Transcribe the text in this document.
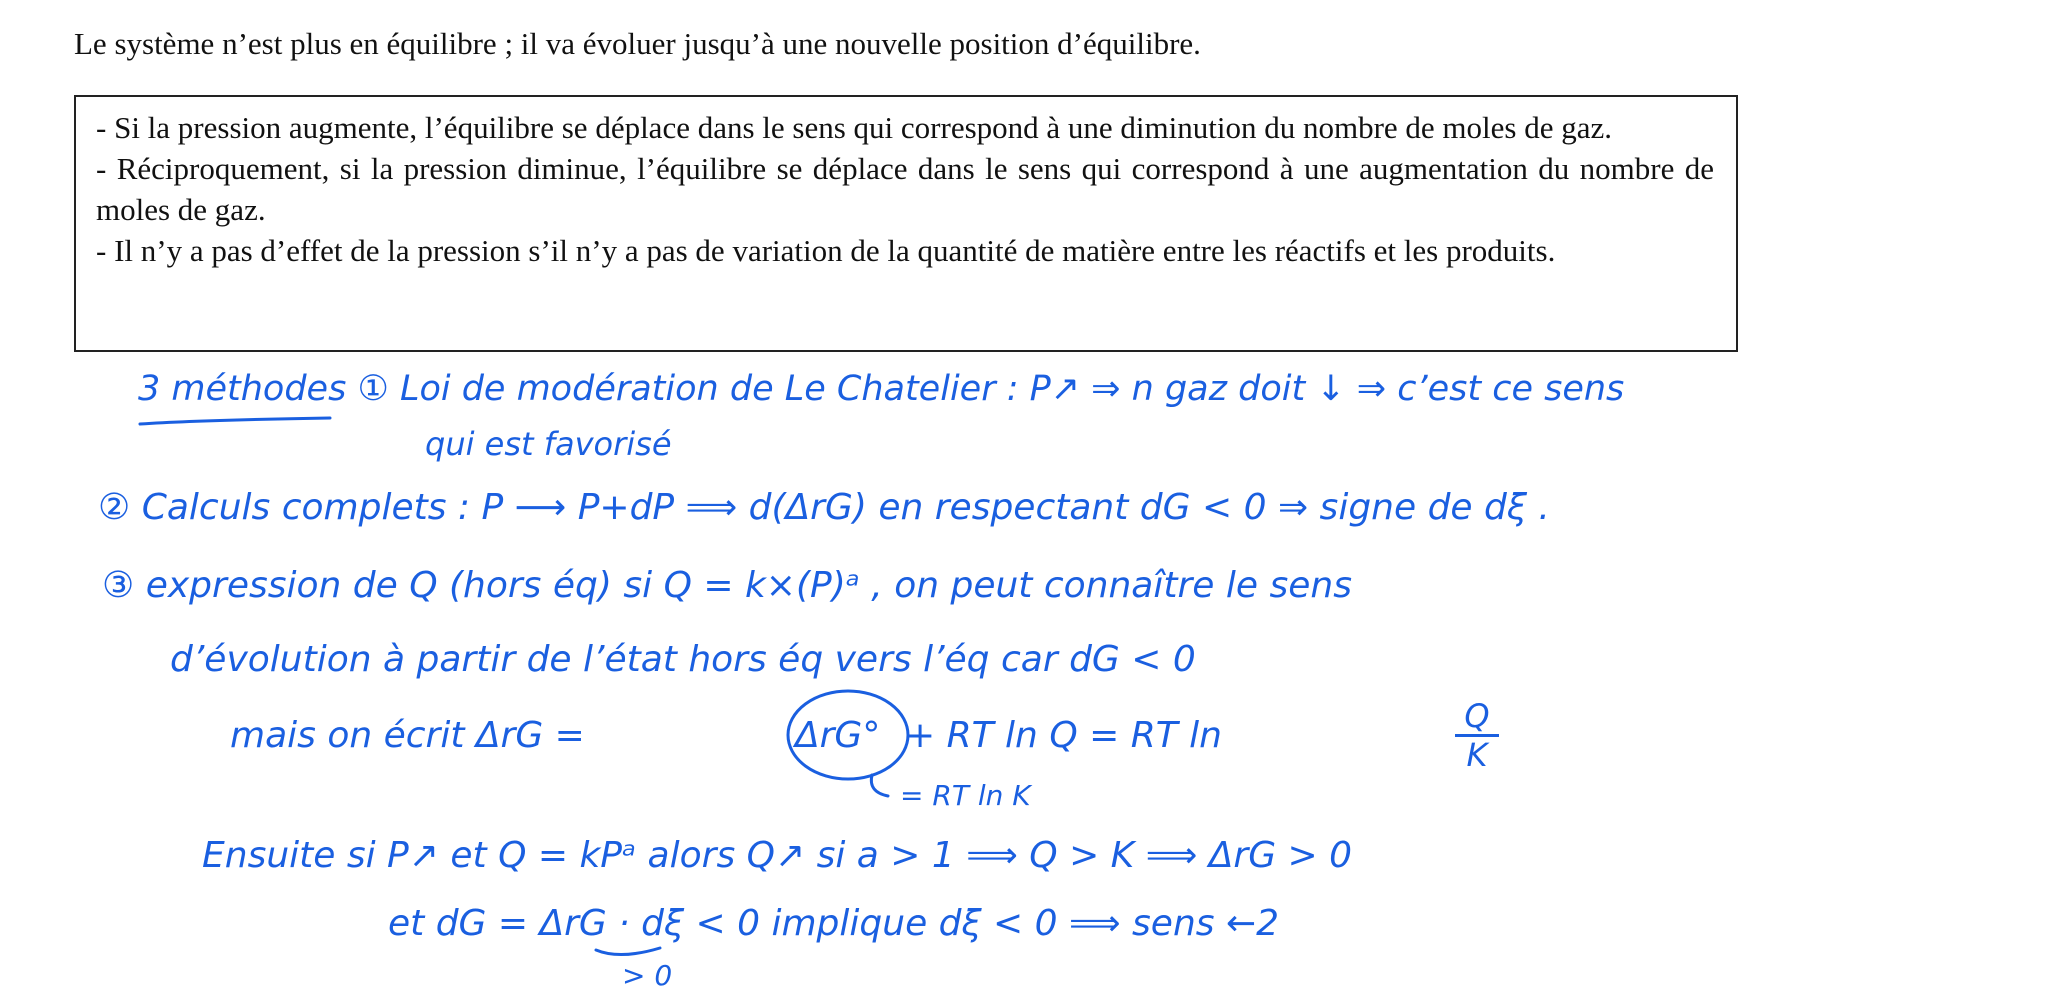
Le système n’est plus en équilibre ; il va évoluer jusqu’à une nouvelle position d’équilibre.

- Si la pression augmente, l’équilibre se déplace dans le sens qui correspond à une diminution du nombre de moles de gaz.

- Réciproquement, si la pression diminue, l’équilibre se déplace dans le sens qui correspond à une augmentation du nombre de moles de gaz.

- Il n’y a pas d’effet de la pression s’il n’y a pas de variation de la quantité de matière entre les réactifs et les produits.

3 méthodes ① Loi de modération de Le Chatelier : P↗ ⇒ n gaz doit ↓ ⇒ c’est ce sens
qui est favorisé
② Calculs complets : P ⟶ P+dP ⟹ d(ΔrG) en respectant dG < 0 ⇒ signe de dξ .
③ expression de Q (hors éq) si Q = k×(P)ᵃ , on peut connaître le sens
d’évolution à partir de l’état hors éq vers l’éq car dG < 0
mais on écrit ΔrG =	ΔrG° + RT ln Q = RT ln	Q
K
= RT ln K
Ensuite si P↗ et Q = kPᵃ alors Q↗ si a > 1 ⟹ Q > K ⟹ ΔrG > 0
et dG = ΔrG · dξ < 0 implique dξ < 0 ⟹ sens ←2
> 0
